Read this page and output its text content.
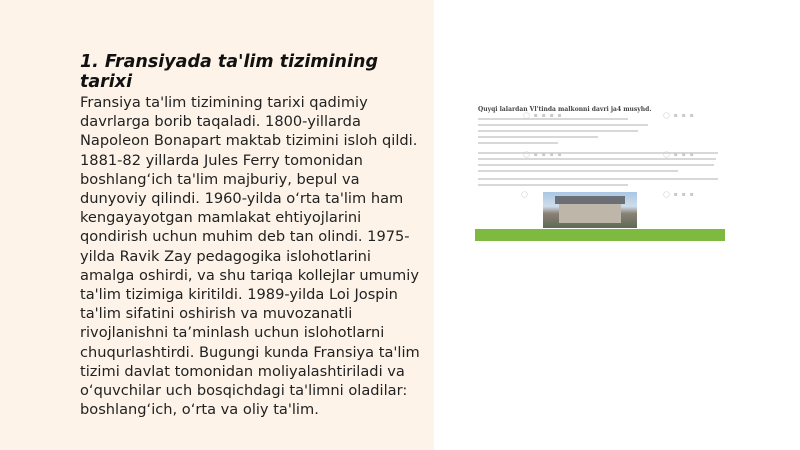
1. Fransiyada ta'lim tizimining tarixi

Fransiya ta'lim tizimining tarixi qadimiy davrlarga borib taqaladi. 1800-yillarda Napoleon Bonapart maktab tizimini isloh qildi. 1881-82 yillarda Jules Ferry tomonidan boshlang‘ich ta'lim majburiy, bepul va dunyoviy qilindi. 1960-yilda o‘rta ta'lim ham kengayayotgan mamlakat ehtiyojlarini qondirish uchun muhim deb tan olindi. 1975-yilda Ravik Zay pedagogika islohotlarini amalga oshirdi, va shu tariqa kollejlar umumiy ta'lim tizimiga kiritildi. 1989-yilda Loi Jospin ta'lim sifatini oshirish va muvozanatli rivojlanishni ta’minlash uchun islohotlarni chuqurlashtirdi. Bugungi kunda Fransiya ta'lim tizimi davlat tomonidan moliyalashtiriladi va o‘quvchilar uch bosqichdagi ta'limni oladilar: boshlang‘ich, o‘rta va oliy ta'lim.

Quyqi lalardan Vl'tinda malkonni davri ja4 musyhd.
◯ ▪ ▪ ▪ ▪	◯ ▪ ▪ ▪
◯ ▪ ▪ ▪ ▪	◯ ▪ ▪ ▪
◯	◯ ▪ ▪ ▪
